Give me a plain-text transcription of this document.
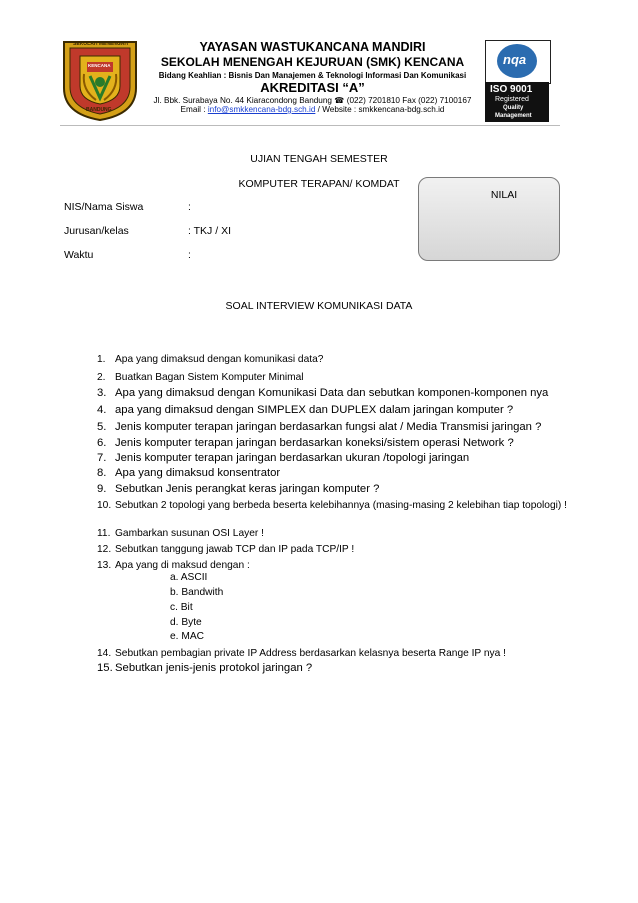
SEKOLAH MENENGAH
KENCANA
BANDUNG
YAYASAN WASTUKANCANA MANDIRI
SEKOLAH MENENGAH KEJURUAN (SMK) KENCANA
Bidang Keahlian : Bisnis Dan Manajemen & Teknologi Informasi Dan Komunikasi
AKREDITASI “A”
Jl. Bbk. Surabaya No. 44 Kiaracondong Bandung ☎ (022) 7201810 Fax (022) 7100167
Email : info@smkkencana-bdg.sch.id / Website : smkkencana-bdg.sch.id
nqa
ISO 9001
Registered
Quality
Management
UJIAN TENGAH SEMESTER
KOMPUTER TERAPAN/ KOMDAT
NILAI
NIS/Nama Siswa	:
Jurusan/kelas	: TKJ / XI
Waktu	:
SOAL INTERVIEW KOMUNIKASI DATA
1. Apa yang dimaksud dengan komunikasi data?
2. Buatkan Bagan Sistem Komputer Minimal
3. Apa yang dimaksud dengan Komunikasi Data dan sebutkan komponen-komponen nya
4. apa yang dimaksud dengan SIMPLEX dan DUPLEX dalam jaringan komputer ?
5. Jenis komputer terapan jaringan berdasarkan fungsi alat / Media Transmisi jaringan ?
6. Jenis komputer terapan jaringan berdasarkan koneksi/sistem operasi Network ?
7. Jenis komputer terapan jaringan berdasarkan ukuran /topologi jaringan
8. Apa yang dimaksud konsentrator
9. Sebutkan Jenis perangkat keras jaringan komputer ?
10. Sebutkan 2 topologi yang berbeda beserta kelebihannya (masing-masing 2 kelebihan tiap topologi) !
11. Gambarkan susunan OSI Layer !
12. Sebutkan tanggung jawab TCP dan IP pada TCP/IP !
13. Apa yang di maksud dengan :
a. ASCII
b. Bandwith
c. Bit
d. Byte
e. MAC
14. Sebutkan pembagian private IP Address berdasarkan kelasnya beserta Range IP nya !
15. Sebutkan jenis-jenis protokol jaringan ?
